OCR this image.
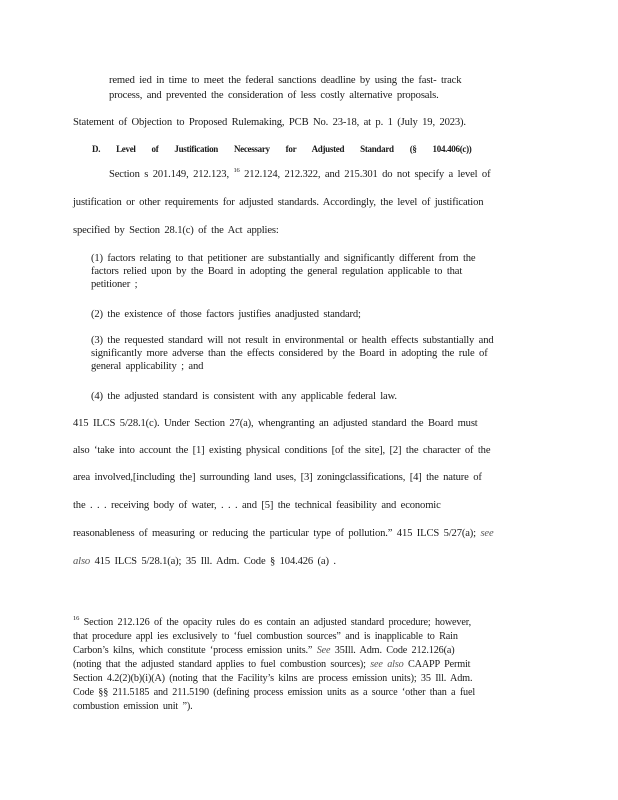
remed ied in time to meet the federal sanctions deadline by using the fast- track
process, and prevented the consideration of less costly alternative proposals.
Statement of Objection to Proposed Rulemaking, PCB No. 23-18, at p. 1 (July 19, 2023).
D. Level of Justification Necessary for Adjusted Standard (§ 104.406(c))
Section s 201.149, 212.123, $^{16}$ 212.124, 212.322, and 215.301 do not specify a level of
justification or other requirements for adjusted standards. Accordingly, the level of justification
specified by Section 28.1(c) of the Act applies:
(1) factors relating to that petitioner are substantially and significantly different from the
factors relied upon by the Board in adopting the general regulation applicable to that
petitioner ;
(2) the existence of those factors justifies anadjusted standard;
(3) the requested standard will not result in environmental or health effects substantially and
significantly more adverse than the effects considered by the Board in adopting the rule of
general applicability ; and
(4) the adjusted standard is consistent with any applicable federal law.
415 ILCS 5/28.1(c). Under Section 27(a), whengranting an adjusted standard the Board must
also ‘take into account the [1] existing physical conditions [of the site], [2] the character of the
area involved,[including the] surrounding land uses, [3] zoningclassifications, [4] the nature of
the . . . receiving body of water, . . . and [5] the technical feasibility and economic
reasonableness of measuring or reducing the particular type of pollution.” 415 ILCS 5/27(a); see
also 415 ILCS 5/28.1(a); 35 Ill. Adm. Code § 104.426 (a) .
$^{16}$ Section 212.126 of the opacity rules do es contain an adjusted standard procedure; however,
that procedure appl ies exclusively to ‘fuel combustion sources” and is inapplicable to Rain
Carbon’s kilns, which constitute ‘process emission units.” See 35Ill. Adm. Code 212.126(a)
(noting that the adjusted standard applies to fuel combustion sources); see also CAAPP Permit
Section 4.2(2)(b)(i)(A) (noting that the Facility’s kilns are process emission units); 35 Ill. Adm.
Code §§ 211.5185 and 211.5190 (defining process emission units as a source ‘other than a fuel
combustion emission unit ”).
